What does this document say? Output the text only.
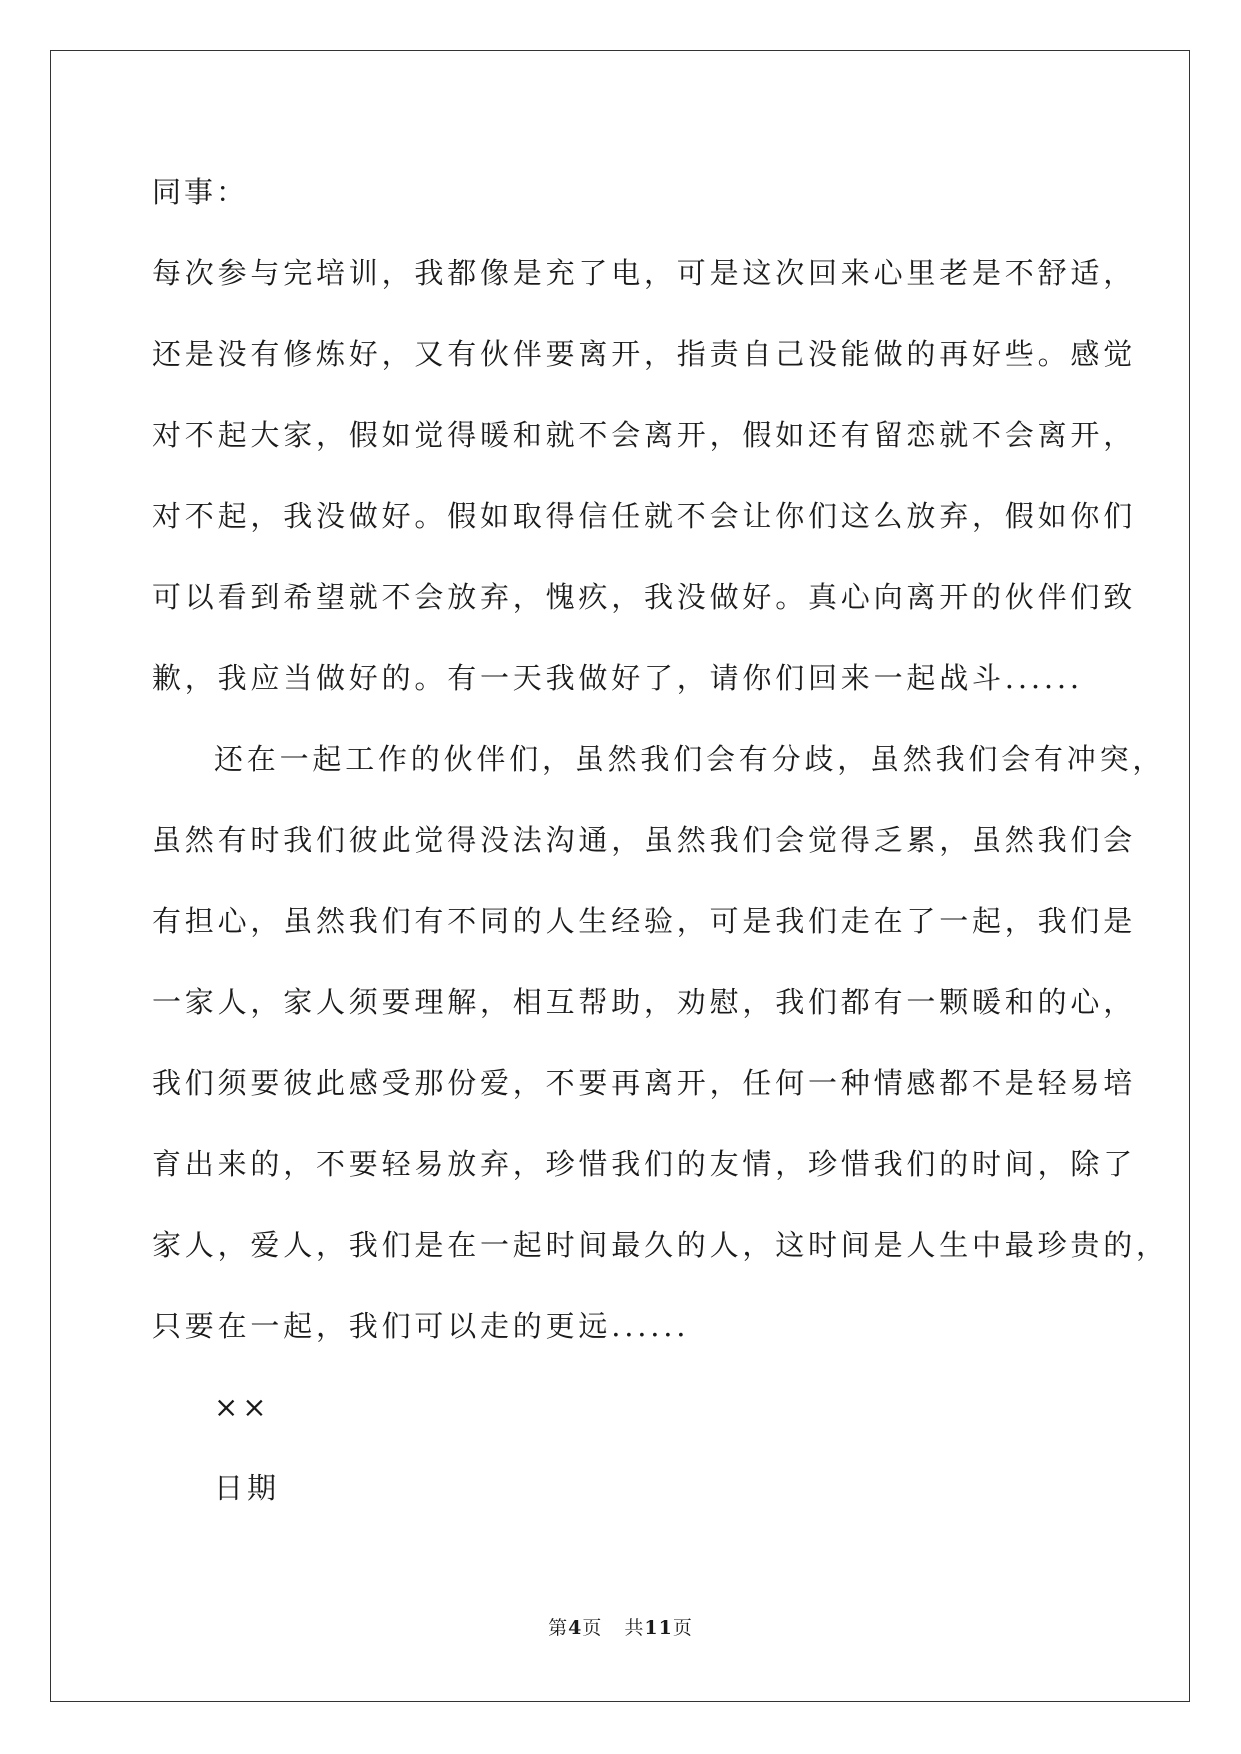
同事：
每次参与完培训，我都像是充了电，可是这次回来心里老是不舒适，
还是没有修炼好，又有伙伴要离开，指责自己没能做的再好些。感觉
对不起大家，假如觉得暖和就不会离开，假如还有留恋就不会离开，
对不起，我没做好。假如取得信任就不会让你们这么放弃，假如你们
可以看到希望就不会放弃，愧疚，我没做好。真心向离开的伙伴们致
歉，我应当做好的。有一天我做好了，请你们回来一起战斗......
还在一起工作的伙伴们，虽然我们会有分歧，虽然我们会有冲突，
虽然有时我们彼此觉得没法沟通，虽然我们会觉得乏累，虽然我们会
有担心，虽然我们有不同的人生经验，可是我们走在了一起，我们是
一家人，家人须要理解，相互帮助，劝慰，我们都有一颗暖和的心，
我们须要彼此感受那份爱，不要再离开，任何一种情感都不是轻易培
育出来的，不要轻易放弃，珍惜我们的友情，珍惜我们的时间，除了
家人，爱人，我们是在一起时间最久的人，这时间是人生中最珍贵的，
只要在一起，我们可以走的更远......
××
日期
第4页 共11页
